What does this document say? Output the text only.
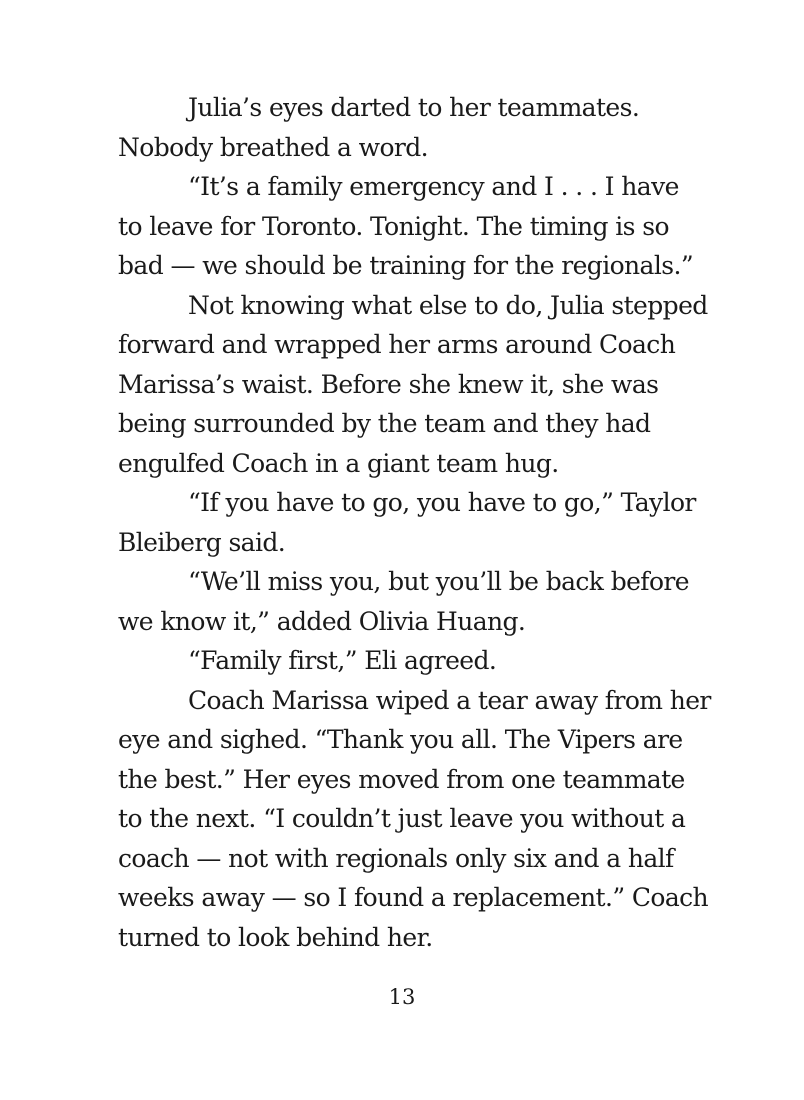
Julia’s eyes darted to her teammates.
Nobody breathed a word.
“It’s a family emergency and I . . . I have
to leave for Toronto. Tonight. The timing is so
bad — we should be training for the regionals.”
Not knowing what else to do, Julia stepped
forward and wrapped her arms around Coach
Marissa’s waist. Before she knew it, she was
being surrounded by the team and they had
engulfed Coach in a giant team hug.
“If you have to go, you have to go,” Taylor
Bleiberg said.
“We’ll miss you, but you’ll be back before
we know it,” added Olivia Huang.
“Family first,” Eli agreed.
Coach Marissa wiped a tear away from her
eye and sighed. “Thank you all. The Vipers are
the best.” Her eyes moved from one teammate
to the next. “I couldn’t just leave you without a
coach — not with regionals only six and a half
weeks away — so I found a replacement.” Coach
turned to look behind her.
13
